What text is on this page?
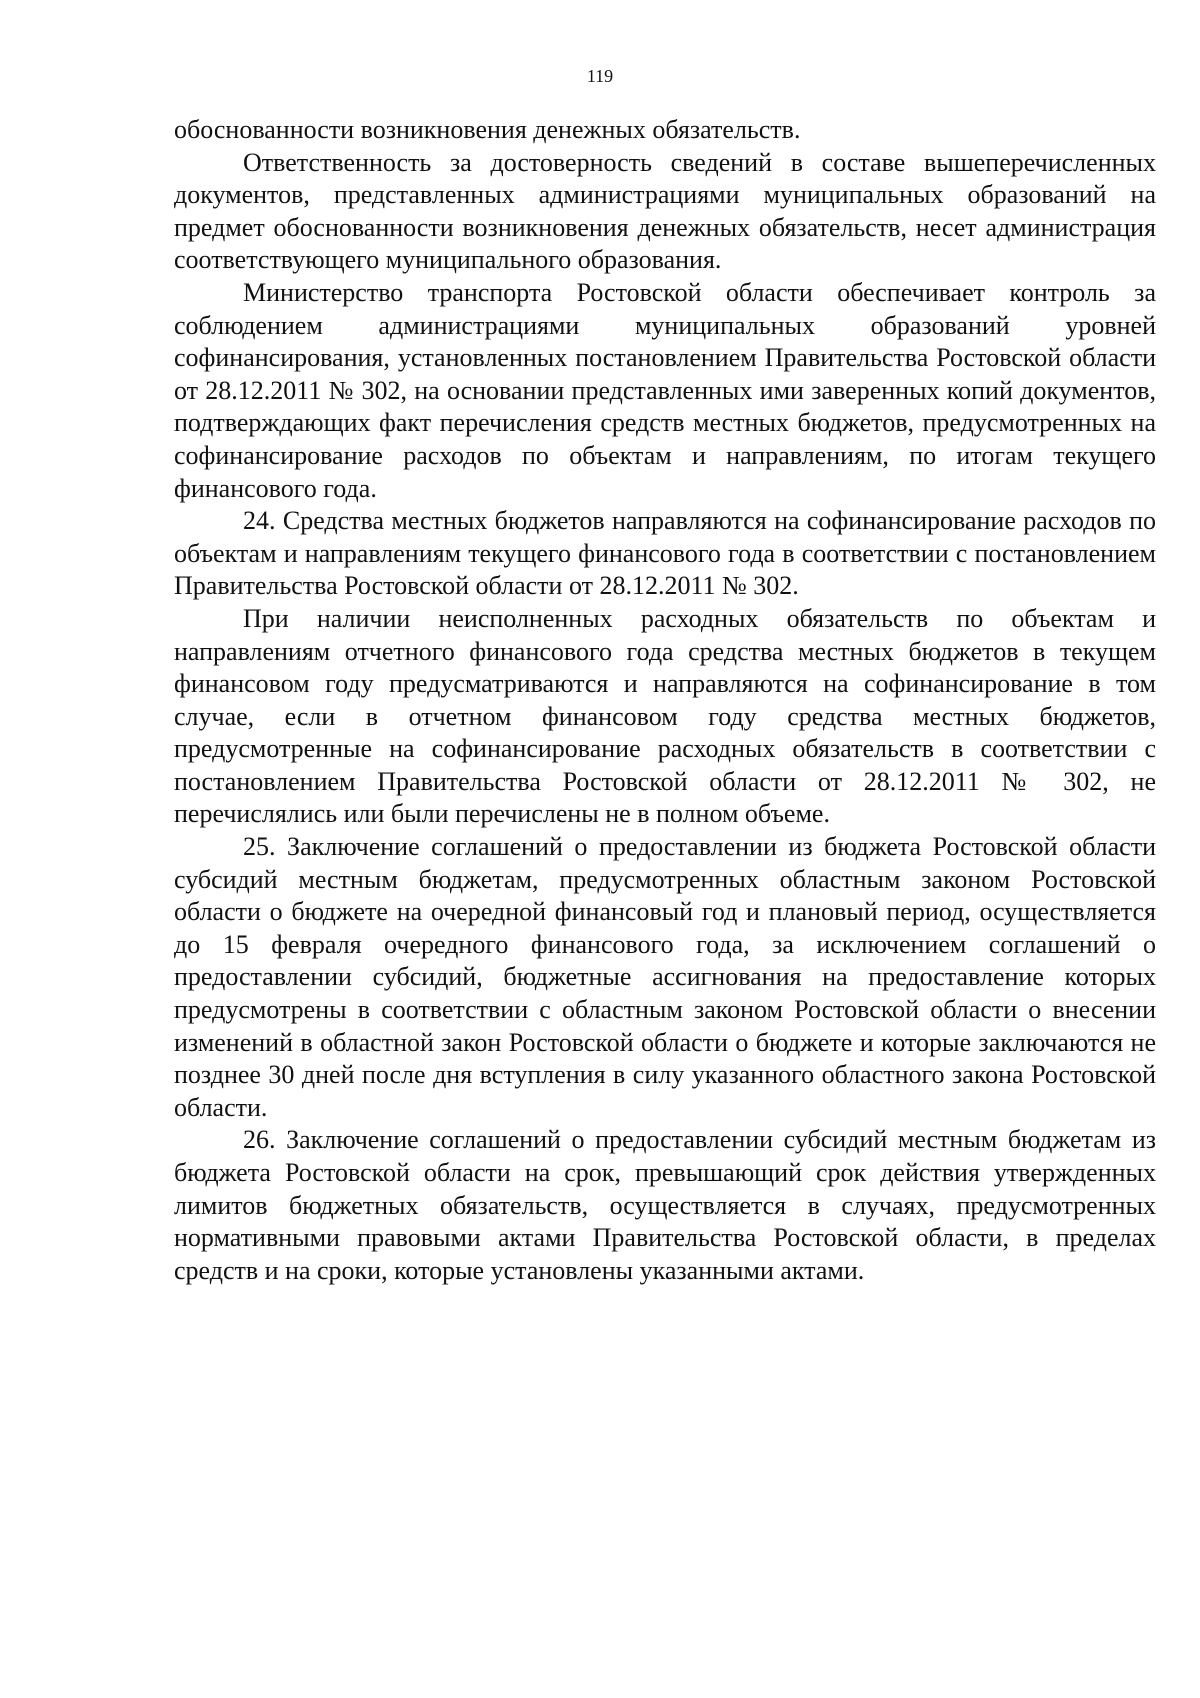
119

обоснованности возникновения денежных обязательств.

Ответственность за достоверность сведений в составе вышеперечисленных документов, представленных администрациями муниципальных образований на предмет обоснованности возникновения денежных обязательств, несет администрация соответствующего муниципального образования.

Министерство транспорта Ростовской области обеспечивает контроль за соблюдением администрациями муниципальных образований уровней софинансирования, установленных постановлением Правительства Ростовской области от 28.12.2011 № 302, на основании представленных ими заверенных копий документов, подтверждающих факт перечисления средств местных бюджетов, предусмотренных на софинансирование расходов по объектам и направлениям, по итогам текущего финансового года.

24. Средства местных бюджетов направляются на софинансирование расходов по объектам и направлениям текущего финансового года в соответствии с постановлением Правительства Ростовской области от 28.12.2011 № 302.

При наличии неисполненных расходных обязательств по объектам и направлениям отчетного финансового года средства местных бюджетов в текущем финансовом году предусматриваются и направляются на софинансирование в том случае, если в отчетном финансовом году средства местных бюджетов, предусмотренные на софинансирование расходных обязательств в соответствии с постановлением Правительства Ростовской области от 28.12.2011 № 302, не перечислялись или были перечислены не в полном объеме.

25. Заключение соглашений о предоставлении из бюджета Ростовской области субсидий местным бюджетам, предусмотренных областным законом Ростовской области о бюджете на очередной финансовый год и плановый период, осуществляется до 15 февраля очередного финансового года, за исключением соглашений о предоставлении субсидий, бюджетные ассигнования на предоставление которых предусмотрены в соответствии с областным законом Ростовской области о внесении изменений в областной закон Ростовской области о бюджете и которые заключаются не позднее 30 дней после дня вступления в силу указанного областного закона Ростовской области.

26. Заключение соглашений о предоставлении субсидий местным бюджетам из бюджета Ростовской области на срок, превышающий срок действия утвержденных лимитов бюджетных обязательств, осуществляется в случаях, предусмотренных нормативными правовыми актами Правительства Ростовской области, в пределах средств и на сроки, которые установлены указанными актами.
